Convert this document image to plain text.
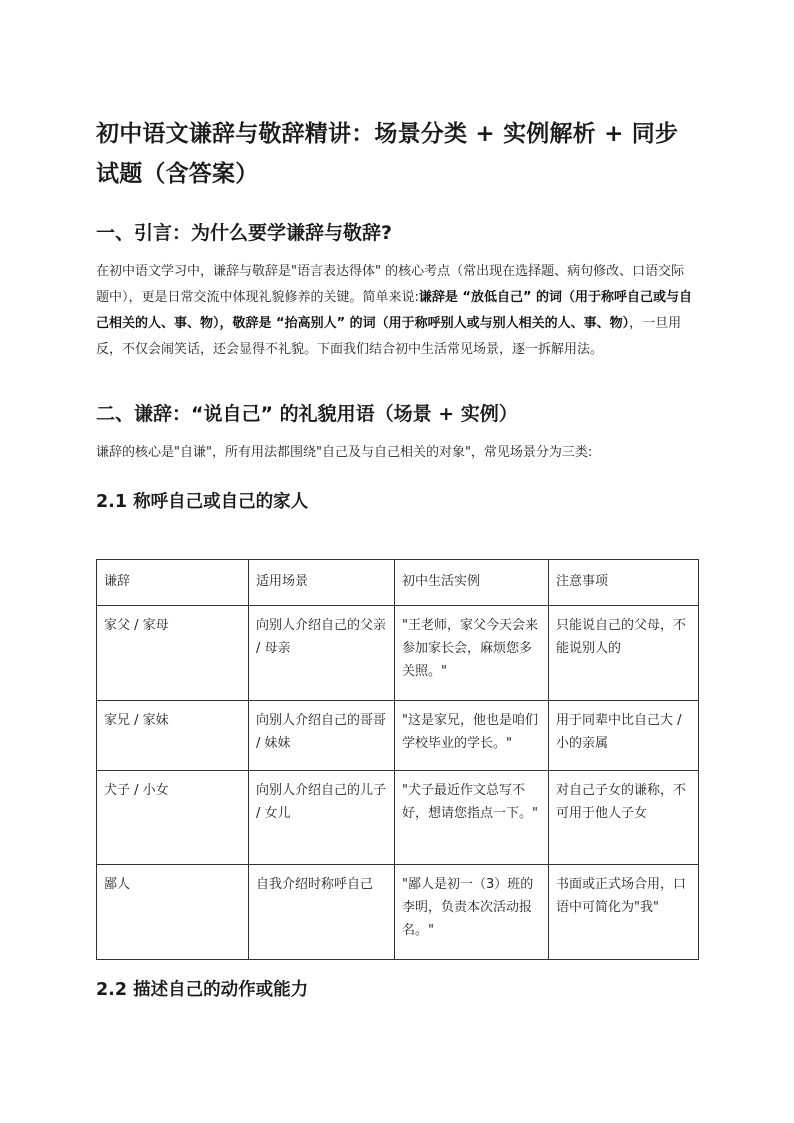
初中语文谦辞与敬辞精讲：场景分类 + 实例解析 + 同步试题（含答案）
一、引言：为什么要学谦辞与敬辞?

在初中语文学习中，谦辞与敬辞是"语言表达得体" 的核心考点（常出现在选择题、病句修改、口语交际题中），更是日常交流中体现礼貌修养的关键。简单来说:谦辞是 “放低自己” 的词（用于称呼自己或与自己相关的人、事、物），敬辞是 “抬高别人” 的词（用于称呼别人或与别人相关的人、事、物），一旦用反，不仅会闹笑话，还会显得不礼貌。下面我们结合初中生活常见场景，逐一拆解用法。

二、谦辞：“说自己” 的礼貌用语（场景 + 实例）

谦辞的核心是"自谦"，所有用法都围绕"自己及与自己相关的对象"，常见场景分为三类:

2.1 称呼自己或自己的家人
谦辞	适用场景	初中生活实例	注意事项
家父 / 家母	向别人介绍自己的父亲 / 母亲	"王老师，家父今天会来参加家长会，麻烦您多关照。"	只能说自己的父母，不能说别人的
家兄 / 家妹	向别人介绍自己的哥哥 / 妹妹	"这是家兄，他也是咱们学校毕业的学长。"	用于同辈中比自己大 / 小的亲属
犬子 / 小女	向别人介绍自己的儿子 / 女儿	"犬子最近作文总写不好，想请您指点一下。"	对自己子女的谦称，不可用于他人子女
鄙人	自我介绍时称呼自己	"鄙人是初一（3）班的李明，负责本次活动报名。"	书面或正式场合用，口语中可简化为"我"
2.2 描述自己的动作或能力
